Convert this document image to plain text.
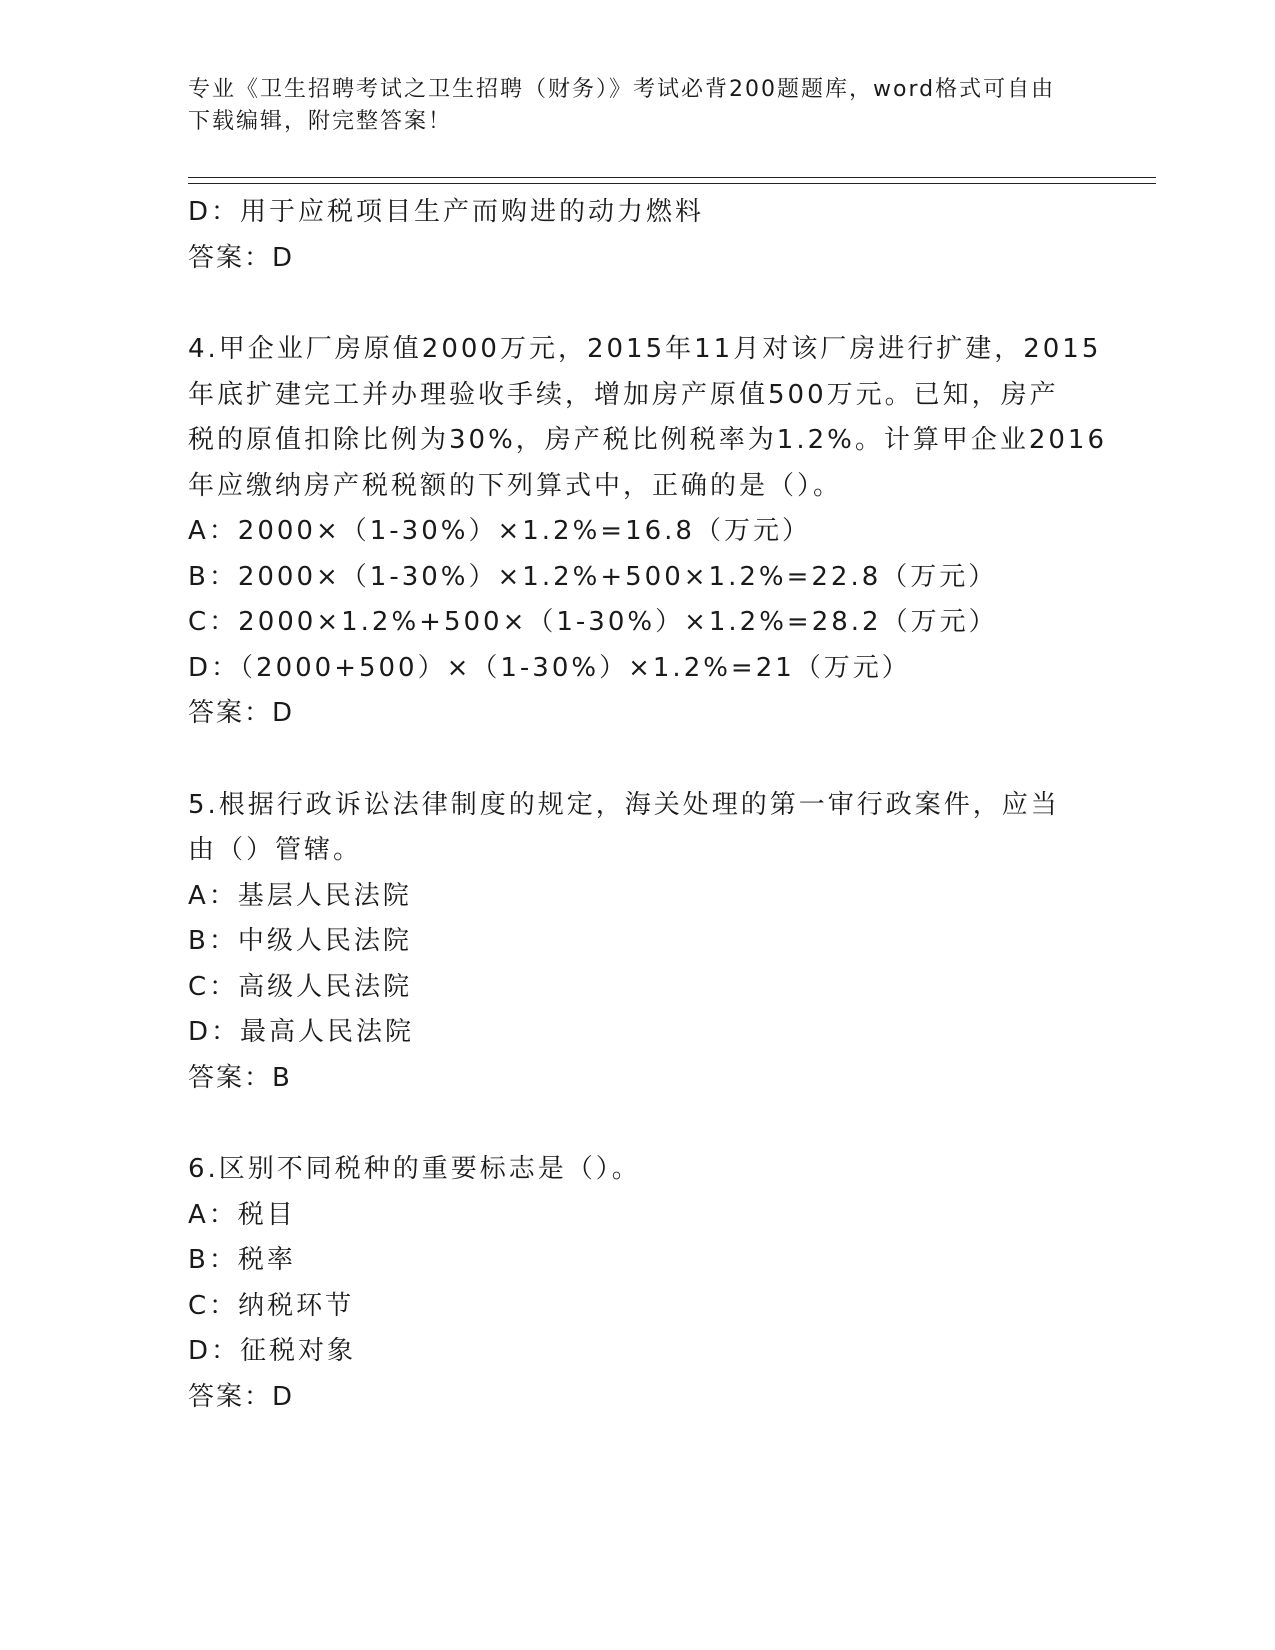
专业《卫生招聘考试之卫生招聘（财务）》考试必背200题题库，word格式可自由下载编辑，附完整答案！
D：用于应税项目生产而购进的动力燃料
答案：D
4.甲企业厂房原值2000万元，2015年11月对该厂房进行扩建，2015
年底扩建完工并办理验收手续，增加房产原值500万元。已知，房产
税的原值扣除比例为30%，房产税比例税率为1.2%。计算甲企业2016
年应缴纳房产税税额的下列算式中，正确的是（）。
A：2000×（1-30%）×1.2%=16.8（万元）
B：2000×（1-30%）×1.2%+500×1.2%=22.8（万元）
C：2000×1.2%+500×（1-30%）×1.2%=28.2（万元）
D：（2000+500）×（1-30%）×1.2%=21（万元）
答案：D
5.根据行政诉讼法律制度的规定，海关处理的第一审行政案件，应当
由（）管辖。
A：基层人民法院
B：中级人民法院
C：高级人民法院
D：最高人民法院
答案：B
6.区别不同税种的重要标志是（）。
A：税目
B：税率
C：纳税环节
D：征税对象
答案：D
